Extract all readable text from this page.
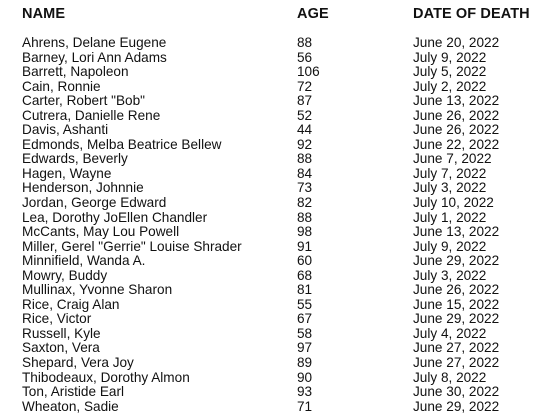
NAME	AGE	DATE OF DEATH
Ahrens, Delane Eugene	88	June 20, 2022
Barney, Lori Ann Adams	56	July 9, 2022
Barrett, Napoleon	106	July 5, 2022
Cain, Ronnie	72	July 2, 2022
Carter, Robert "Bob"	87	June 13, 2022
Cutrera, Danielle Rene	52	June 26, 2022
Davis, Ashanti	44	June 26, 2022
Edmonds, Melba Beatrice Bellew	92	June 22, 2022
Edwards, Beverly	88	June 7, 2022
Hagen, Wayne	84	July 7, 2022
Henderson, Johnnie	73	July 3, 2022
Jordan, George Edward	82	July 10, 2022
Lea, Dorothy JoEllen Chandler	88	July 1, 2022
McCants, May Lou Powell	98	June 13, 2022
Miller, Gerel "Gerrie" Louise Shrader	91	July 9, 2022
Minnifield, Wanda A.	60	June 29, 2022
Mowry, Buddy	68	July 3, 2022
Mullinax, Yvonne Sharon	81	June 26, 2022
Rice, Craig Alan	55	June 15, 2022
Rice, Victor	67	June 29, 2022
Russell, Kyle	58	July 4, 2022
Saxton, Vera	97	June 27, 2022
Shepard, Vera Joy	89	June 27, 2022
Thibodeaux, Dorothy Almon	90	July 8, 2022
Ton, Aristide Earl	93	June 30, 2022
Wheaton, Sadie	71	June 29, 2022
